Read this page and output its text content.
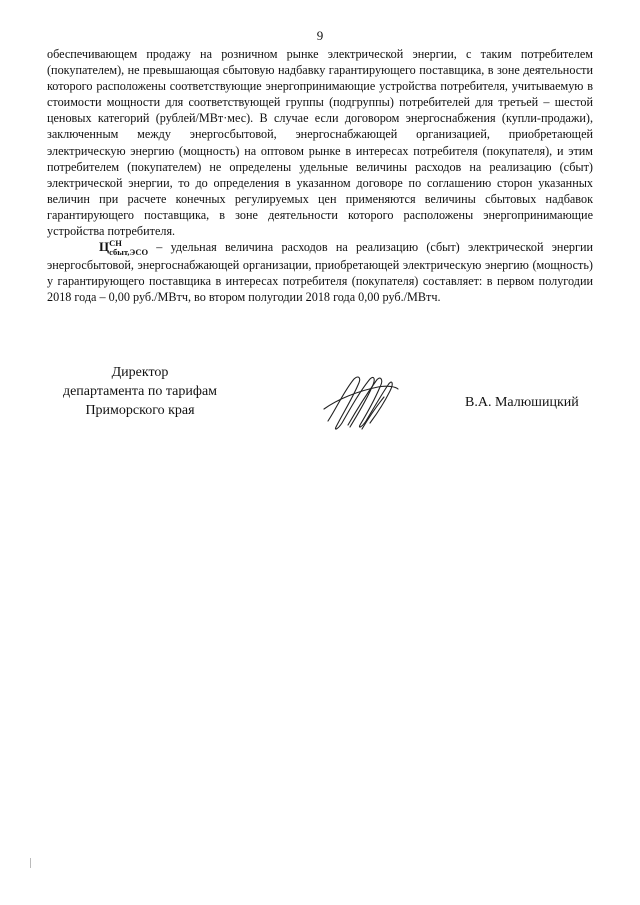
9

обеспечивающем продажу на розничном рынке электрической энергии, с таким потребителем (покупателем), не превышающая сбытовую надбавку гарантирующего поставщика, в зоне деятельности которого расположены соответствующие энергопринимающие устройства потребителя, учитываемую в стоимости мощности для соответствующей группы (подгруппы) потребителей для третьей – шестой ценовых категорий (рублей/МВт·мес). В случае если договором энергоснабжения (купли-продажи), заключенным между энергосбытовой, энергоснабжающей организацией, приобретающей электрическую энергию (мощность) на оптовом рынке в интересах потребителя (покупателя), и этим потребителем (покупателем) не определены удельные величины расходов на реализацию (сбыт) электрической энергии, то до определения в указанном договоре по соглашению сторон указанных величин при расчете конечных регулируемых цен применяются величины сбытовых надбавок гарантирующего поставщика, в зоне деятельности которого расположены энергопринимающие устройства потребителя.

Ц СН
сбыт,ЭСО – удельная величина расходов на реализацию (сбыт) электрической энергии энергосбытовой, энергоснабжающей организации, приобретающей электрическую энергию (мощность) у гарантирующего поставщика в интересах потребителя (покупателя) составляет: в первом полугодии 2018 года – 0,00 руб./МВтч, во втором полугодии 2018 года 0,00 руб./МВтч.

Директор
департамента по тарифам
Приморского края
В.А. Малюшицкий
